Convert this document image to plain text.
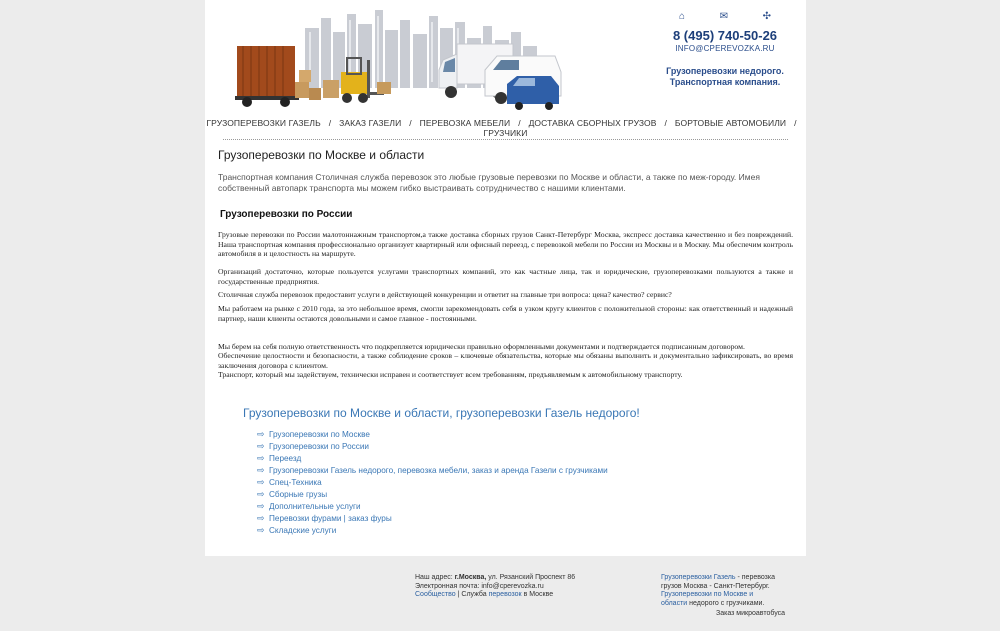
⌂	✉	✣
8 (495) 740-50-26
INFO@CPEREVOZKA.RU
Грузоперевозки недорого.
Транспортная компания.
ГРУЗОПЕРЕВОЗКИ ГАЗЕЛЬ / ЗАКАЗ ГАЗЕЛИ / ПЕРЕВОЗКА МЕБЕЛИ / ДОСТАВКА СБОРНЫХ ГРУЗОВ / БОРТОВЫЕ АВТОМОБИЛИ /ГРУЗЧИКИ
Грузоперевозки по Москве и области

Транспортная компания Столичная служба перевозок это любые грузовые перевозки по Москве и области, а также по меж-городу. Имея собственный автопарк транспорта мы можем гибко выстраивать сотрудничество с нашими клиентами.

Грузоперевозки по России

Грузовые перевозки по России малотоннажным транспортом,а также доставка сборных грузов Санкт-Петербург Москва, экспресс доставка качественно и без повреждений. Наша транспортная компания профессионально организует квартирный или офисный переезд, с перевозкой мебели по России из Москвы и в Москву. Мы обеспечим контроль автомобиля в и целостность на маршруте.

Организаций достаточно, которые пользуется услугами транспортных компаний, это как частные лица, так и юридические, грузоперевозками пользуются а также и государственные предприятия.

Столичная служба перевозок предоставит услуги в действующей конкуренции и ответит на главные три вопроса: цена? качество? сервис?

Мы работаем на рынке с 2010 года, за это небольшое время, смогли зарекомендовать себя в узком кругу клиентов с положительной стороны: как ответственный и надежный партнер, наши клиенты остаются довольными и самое главное - постоянными.

Мы берем на себя полную ответственность что подкрепляется юридически правильно оформленными документами и подтверждается подписанным договором.

Обеспечение целостности и безопасности, а также соблюдение сроков – ключевые обязательства, которые мы обязаны выполнить и документально зафиксировать, во время заключения договора с клиентом.

Транспорт, который мы задействуем, технически исправен и соответствует всем требованиям, предъявляемым к автомобильному транспорту.

Грузоперевозки по Москве и области, грузоперевозки Газель недорого!
⇨ Грузоперевозки по Москве
⇨ Грузоперевозки по России
⇨ Переезд
⇨ Грузоперевозки Газель недорого, перевозка мебели, заказ и аренда Газели с грузчиками
⇨ Спец-Техника
⇨ Сборные грузы
⇨ Дополнительные услуги
⇨ Перевозки фурами | заказ фуры
⇨ Складские услуги
Наш адрес: г.Москва, ул. Рязанский Проспект 86
Электронная почта: info@cperevozka.ru
Сообщество | Служба перевозок в Москве
Грузоперевозки Газель - перевозка грузов Москва - Санкт-Петербург.
Грузоперевозки по Москве и области недорого с грузчиками.
Заказ микроавтобуса
